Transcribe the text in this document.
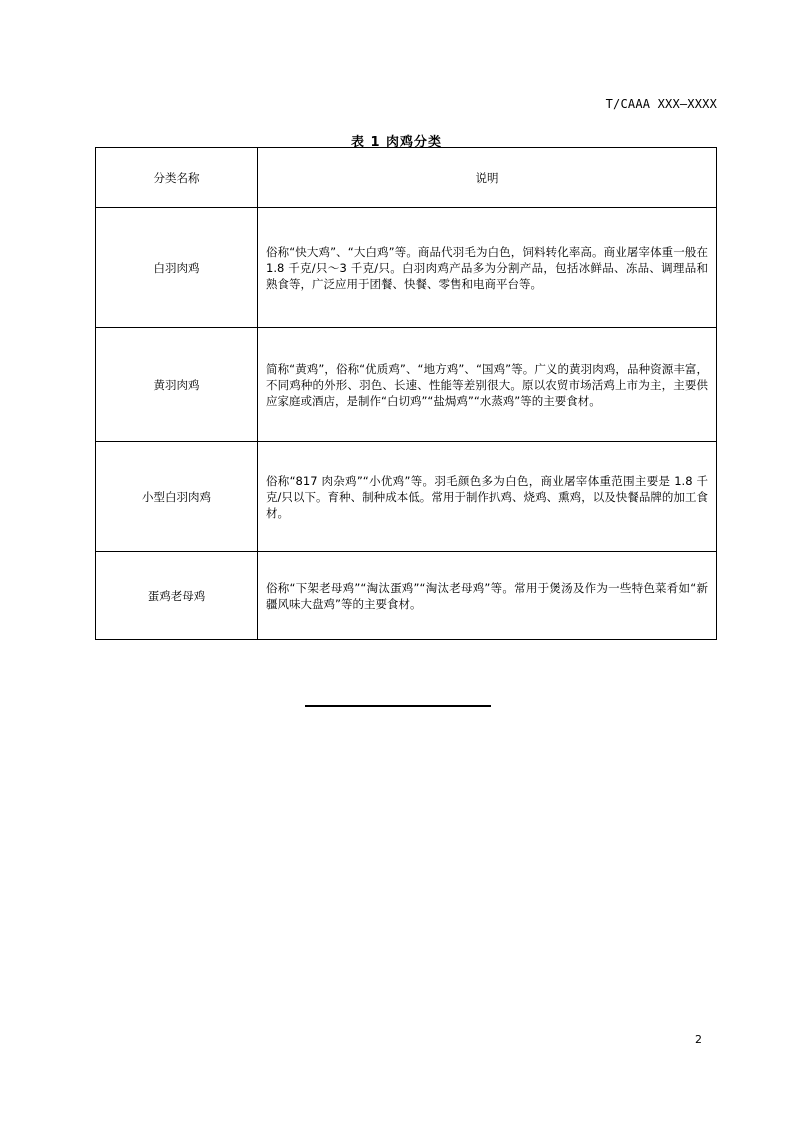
T/CAAA XXX—XXXX
表 1 肉鸡分类
分类名称	说明
白羽肉鸡	俗称“快大鸡”、“大白鸡”等。商品代羽毛为白色，饲料转化率高。商业屠宰体重一般在 1.8 千克/只～3 千克/只。白羽肉鸡产品多为分割产品，包括冰鲜品、冻品、调理品和熟食等，广泛应用于团餐、快餐、零售和电商平台等。
黄羽肉鸡	简称“黄鸡”，俗称“优质鸡”、“地方鸡”、“国鸡”等。广义的黄羽肉鸡，品种资源丰富，不同鸡种的外形、羽色、长速、性能等差别很大。原以农贸市场活鸡上市为主，主要供应家庭或酒店，是制作“白切鸡”“盐焗鸡”“水蒸鸡”等的主要食材。
小型白羽肉鸡	俗称“817 肉杂鸡”“小优鸡”等。羽毛颜色多为白色，商业屠宰体重范围主要是 1.8 千克/只以下。育种、制种成本低。常用于制作扒鸡、烧鸡、熏鸡，以及快餐品牌的加工食材。
蛋鸡老母鸡	俗称“下架老母鸡”“淘汰蛋鸡”“淘汰老母鸡”等。常用于煲汤及作为一些特色菜肴如“新疆风味大盘鸡”等的主要食材。
2
